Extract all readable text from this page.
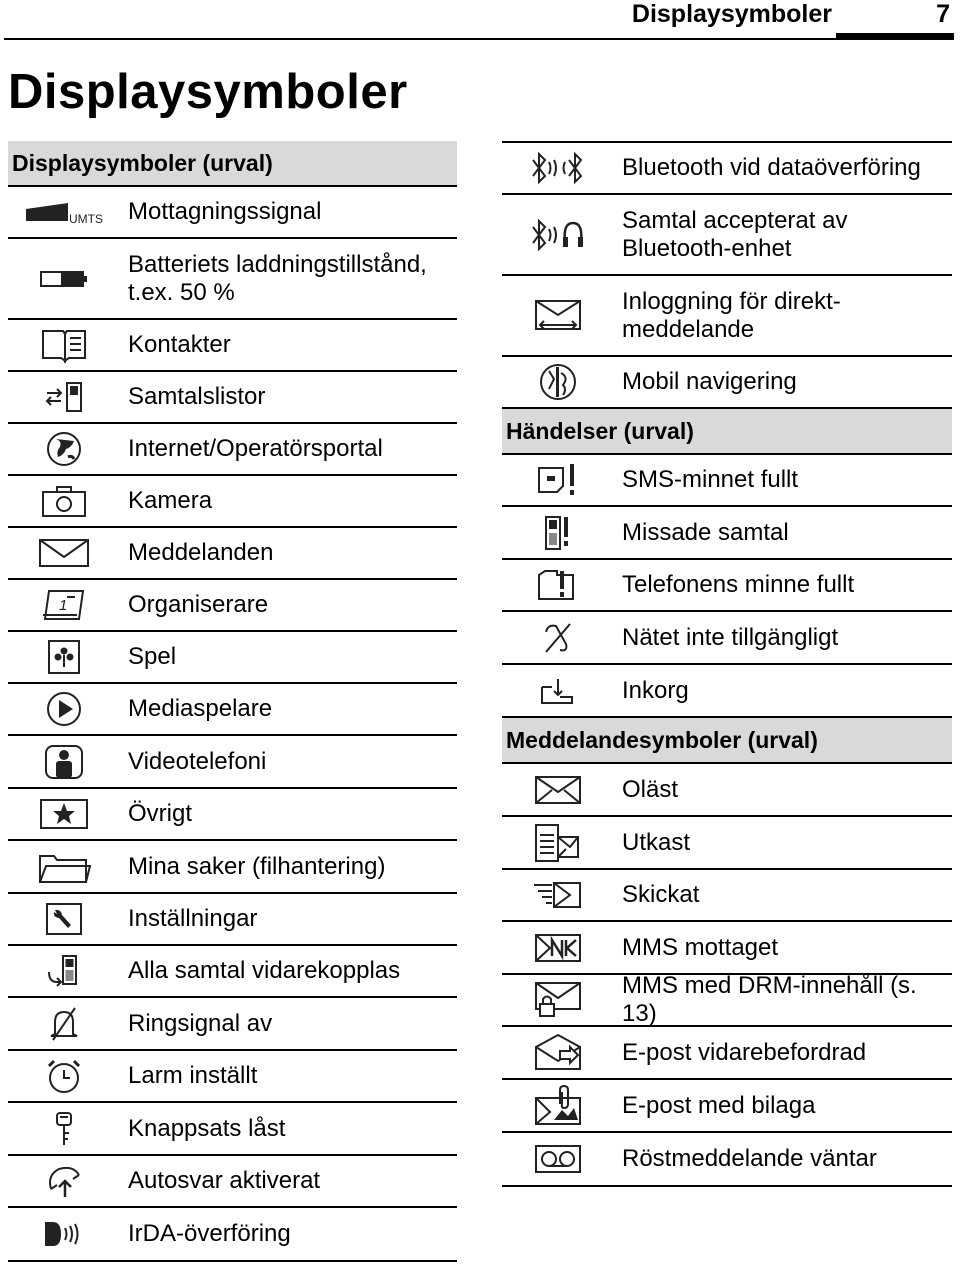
Displaysymboler	7
Displaysymboler
Displaysymboler (urval)
UMTS	Mottagningssignal
Batteriets laddningstillstånd, t.ex. 50 %
Kontakter
Samtalslistor
Internet/Operatörsportal
Kamera
Meddelanden
1	Organiserare
Spel
Mediaspelare
Videotelefoni
Övrigt
Mina saker (filhantering)
Inställningar
Alla samtal vidarekopplas
Ringsignal av
Larm inställt
Knappsats låst
Autosvar aktiverat
IrDA-överföring
Bluetooth vid dataöverföring
Samtal accepterat av Bluetooth-enhet
Inloggning för direkt-meddelande
Mobil navigering
Händelser (urval)
SMS-minnet fullt
Missade samtal
Telefonens minne fullt
Nätet inte tillgängligt
Inkorg
Meddelandesymboler (urval)
Oläst
Utkast
Skickat
MMS mottaget
MMS med DRM-innehåll (s. 13)
E-post vidarebefordrad
E-post med bilaga
Röstmeddelande väntar
